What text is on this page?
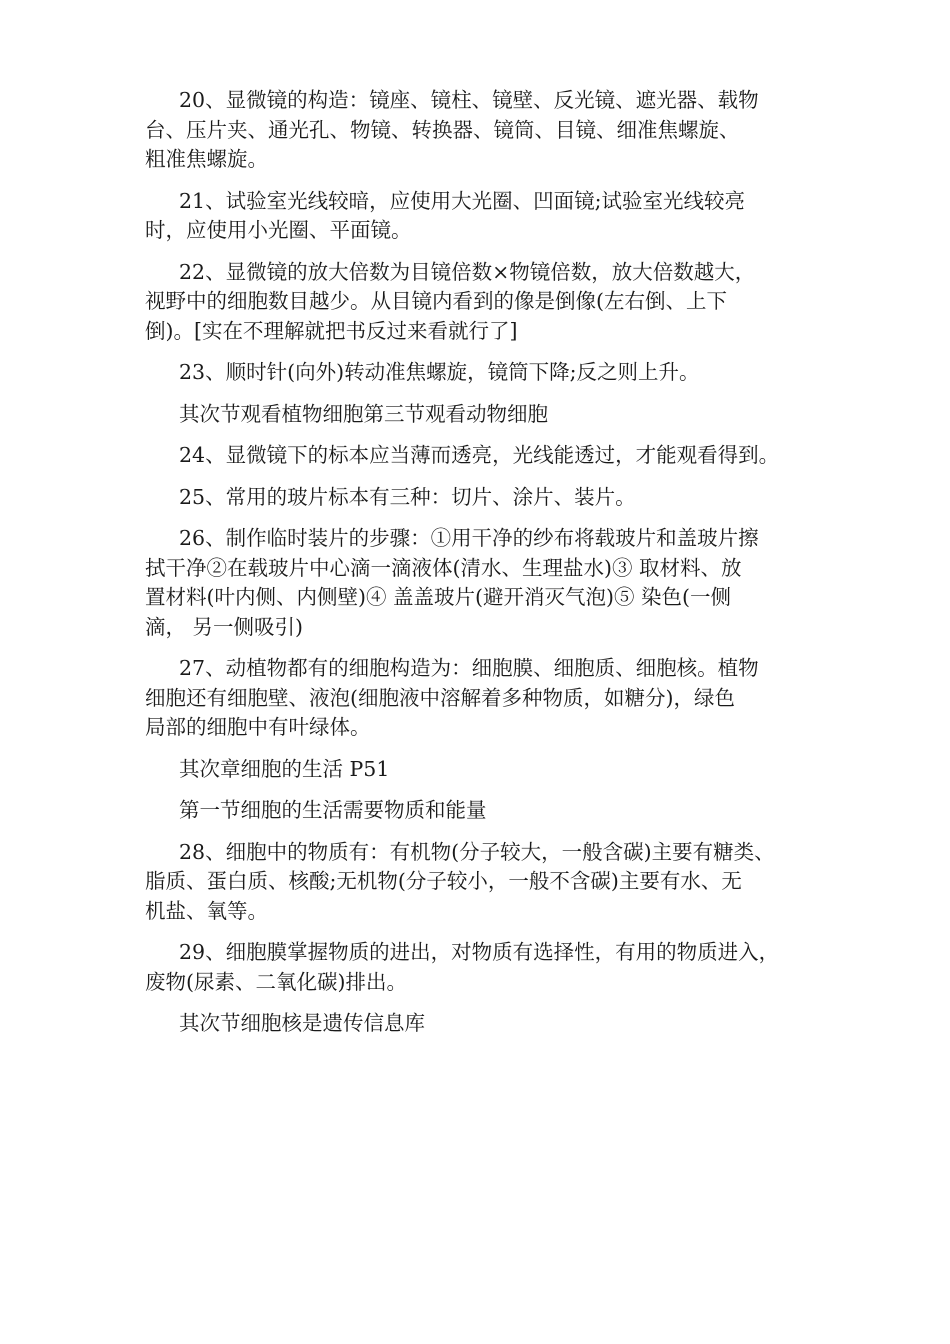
20、显微镜的构造：镜座、镜柱、镜壁、反光镜、遮光器、载物
台、压片夹、通光孔、物镜、转换器、镜筒、目镜、细准焦螺旋、
粗准焦螺旋。

21、试验室光线较暗，应使用大光圈、凹面镜;试验室光线较亮
时，应使用小光圈、平面镜。

22、显微镜的放大倍数为目镜倍数×物镜倍数，放大倍数越大，
视野中的细胞数目越少。从目镜内看到的像是倒像(左右倒、上下
倒)。[实在不理解就把书反过来看就行了]

23、顺时针(向外)转动准焦螺旋，镜筒下降;反之则上升。

其次节观看植物细胞第三节观看动物细胞

24、显微镜下的标本应当薄而透亮，光线能透过，才能观看得到。

25、常用的玻片标本有三种：切片、涂片、装片。

26、制作临时装片的步骤：①用干净的纱布将载玻片和盖玻片擦
拭干净②在载玻片中心滴一滴液体(清水、生理盐水)③ 取材料、放
置材料(叶内侧、内侧壁)④ 盖盖玻片(避开消灭气泡)⑤ 染色(一侧
滴， 另一侧吸引)

27、动植物都有的细胞构造为：细胞膜、细胞质、细胞核。植物
细胞还有细胞壁、液泡(细胞液中溶解着多种物质，如糖分)，绿色
局部的细胞中有叶绿体。

其次章细胞的生活 P51

第一节细胞的生活需要物质和能量

28、细胞中的物质有：有机物(分子较大，一般含碳)主要有糖类、
脂质、蛋白质、核酸;无机物(分子较小，一般不含碳)主要有水、无
机盐、氧等。

29、细胞膜掌握物质的进出，对物质有选择性，有用的物质进入，
废物(尿素、二氧化碳)排出。

其次节细胞核是遗传信息库
